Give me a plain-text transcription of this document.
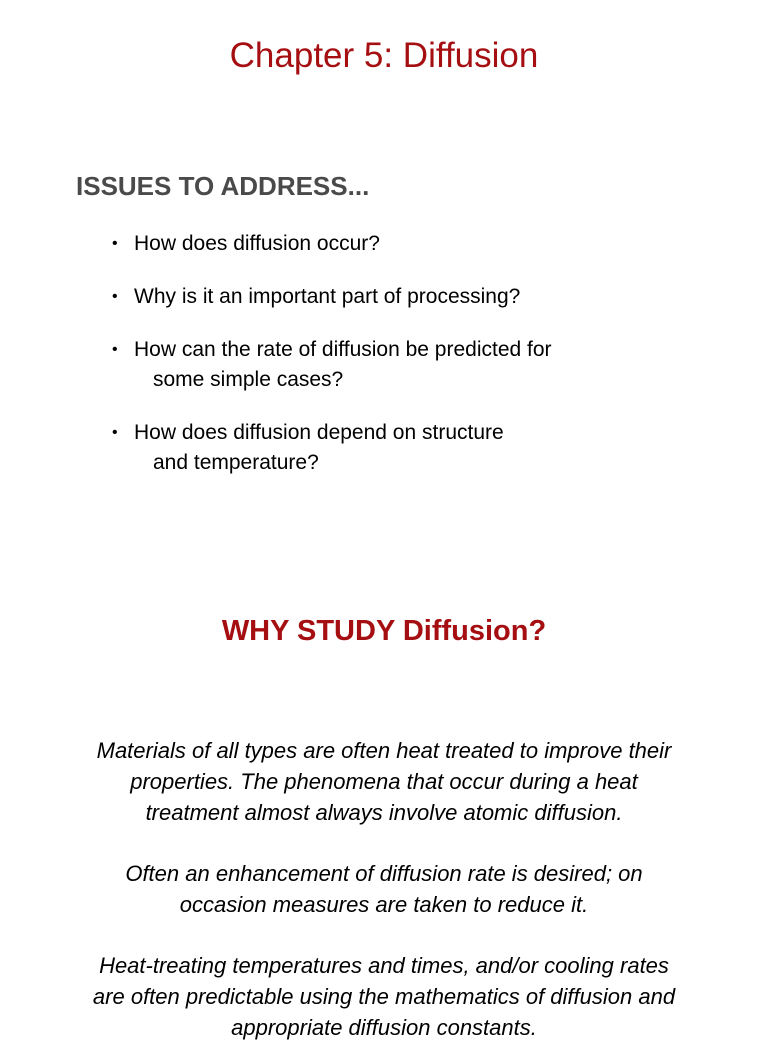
Chapter 5: Diffusion
ISSUES TO ADDRESS...
• How does diffusion occur?
• Why is it an important part of processing?
• How can the rate of diffusion be predicted for
some simple cases?
• How does diffusion depend on structure
and temperature?
WHY STUDY Diffusion?

Materials of all types are often heat treated to improve their
properties. The phenomena that occur during a heat
treatment almost always involve atomic diffusion.

Often an enhancement of diffusion rate is desired; on
occasion measures are taken to reduce it.

Heat-treating temperatures and times, and/or cooling rates
are often predictable using the mathematics of diffusion and
appropriate diffusion constants.
